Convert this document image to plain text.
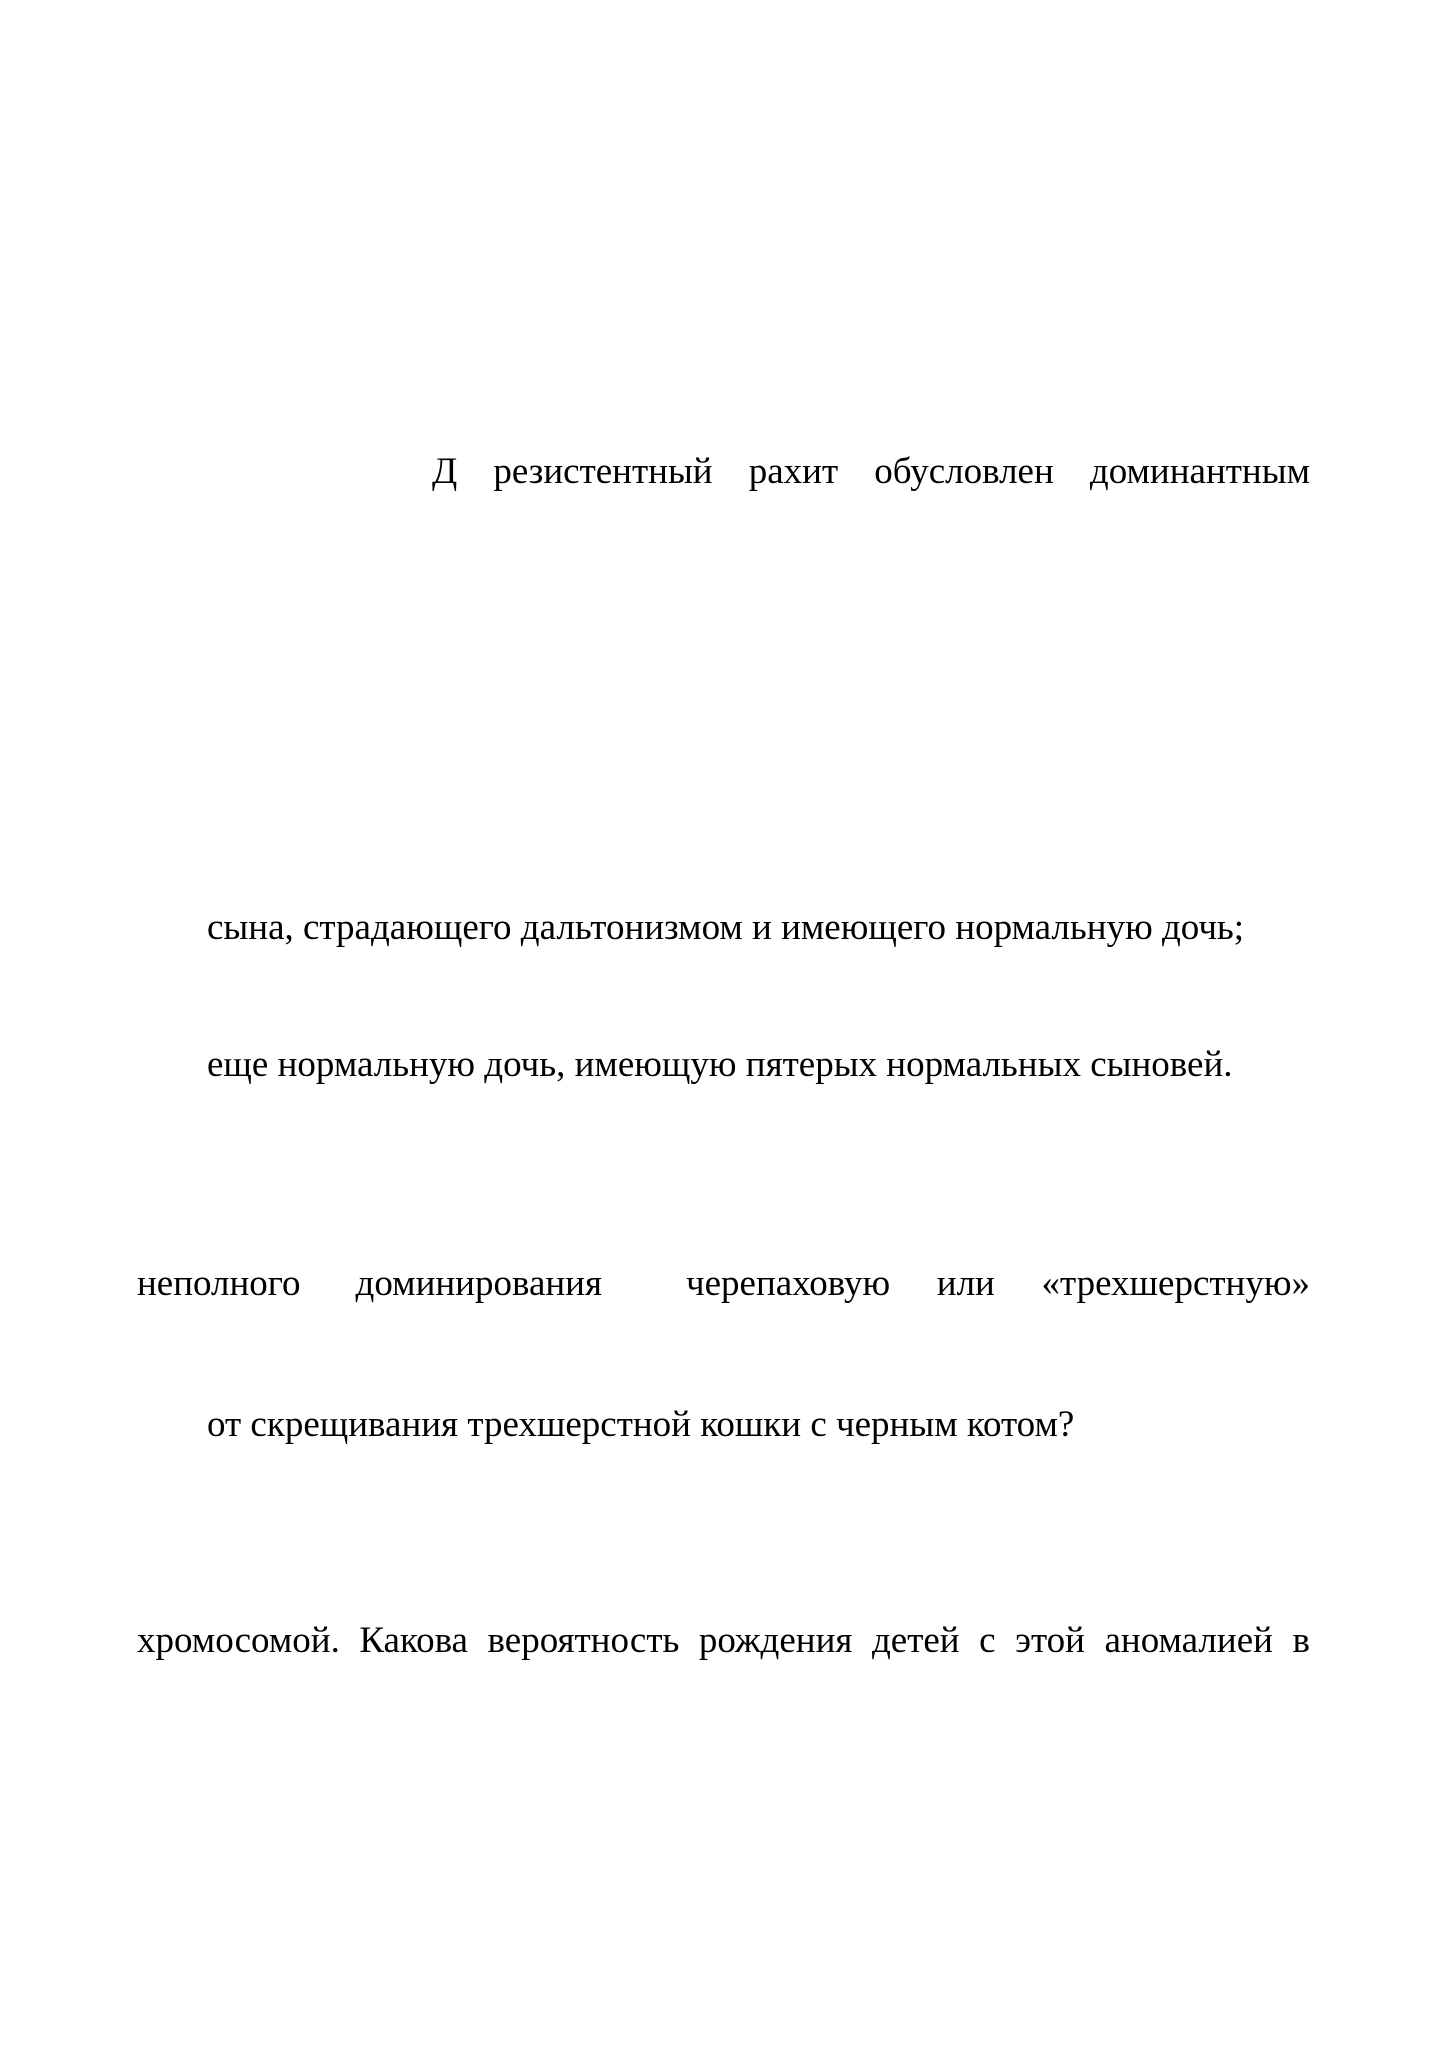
Д резистентный рахит обусловлен доминантным

сына, страдающего дальтонизмом и имеющего нормальную дочь;

еще нормальную дочь, имеющую пятерых нормальных сыновей.

неполного доминирования черепаховую или «трехшерстную»

от скрещивания трехшерстной кошки с черным котом?

хромосомой. Какова вероятность рождения детей с этой аномалией в
